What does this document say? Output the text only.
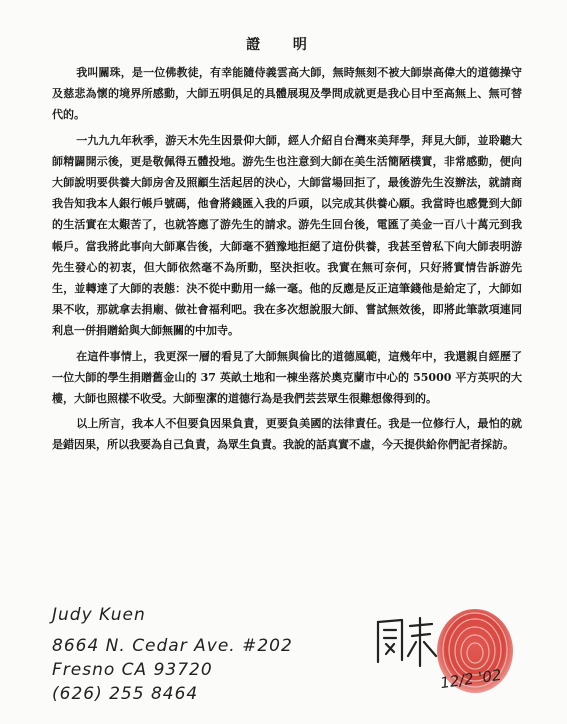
證 明

我叫關珠，是一位佛教徒，有幸能隨侍義雲高大師，無時無刻不被大師崇高偉大的道德操守及慈悲為懷的境界所感動，大師五明俱足的具體展現及學問成就更是我心目中至高無上、無可替代的。

一九九九年秋季，游天木先生因景仰大師，經人介紹自台灣來美拜學，拜見大師，並聆聽大師精闢開示後，更是敬佩得五體投地。游先生也注意到大師在美生活簡陋樸實，非常感動，便向大師說明要供養大師房舍及照顧生活起居的決心，大師當場回拒了，最後游先生沒辦法，就請商我告知我本人銀行帳戶號碼，他會將錢匯入我的戶頭，以完成其供養心願。我當時也感覺到大師的生活實在太艱苦了，也就答應了游先生的請求。游先生回台後，電匯了美金一百八十萬元到我帳戶。當我將此事向大師稟告後，大師毫不猶豫地拒絕了這份供養，我甚至曾私下向大師表明游先生發心的初衷，但大師依然毫不為所動，堅決拒收。我實在無可奈何，只好將實情告訴游先生，並轉達了大師的表態：決不從中動用一絲一毫。他的反應是反正這筆錢他是給定了，大師如果不收，那就拿去捐廟、做社會福利吧。我在多次想說服大師、嘗試無效後，即將此筆款項連同利息一併捐贈給與大師無關的中加寺。

在這件事情上，我更深一層的看見了大師無與倫比的道德風範，這幾年中，我還親自經歷了一位大師的學生捐贈舊金山的 37 英畝土地和一棟坐落於奧克蘭市中心的 55000 平方英呎的大樓，大師也照樣不收受。大師聖潔的道德行為是我們芸芸眾生很難想像得到的。

以上所言，我本人不但要負因果負責，更要負美國的法律責任。我是一位修行人，最怕的就是錯因果，所以我要為自己負責，為眾生負責。我說的話真實不虛，今天提供給你們記者採訪。

Judy Kuen
8664 N. Cedar Ave. #202
Fresno CA 93720
(626) 255 8464
12/2 '02
